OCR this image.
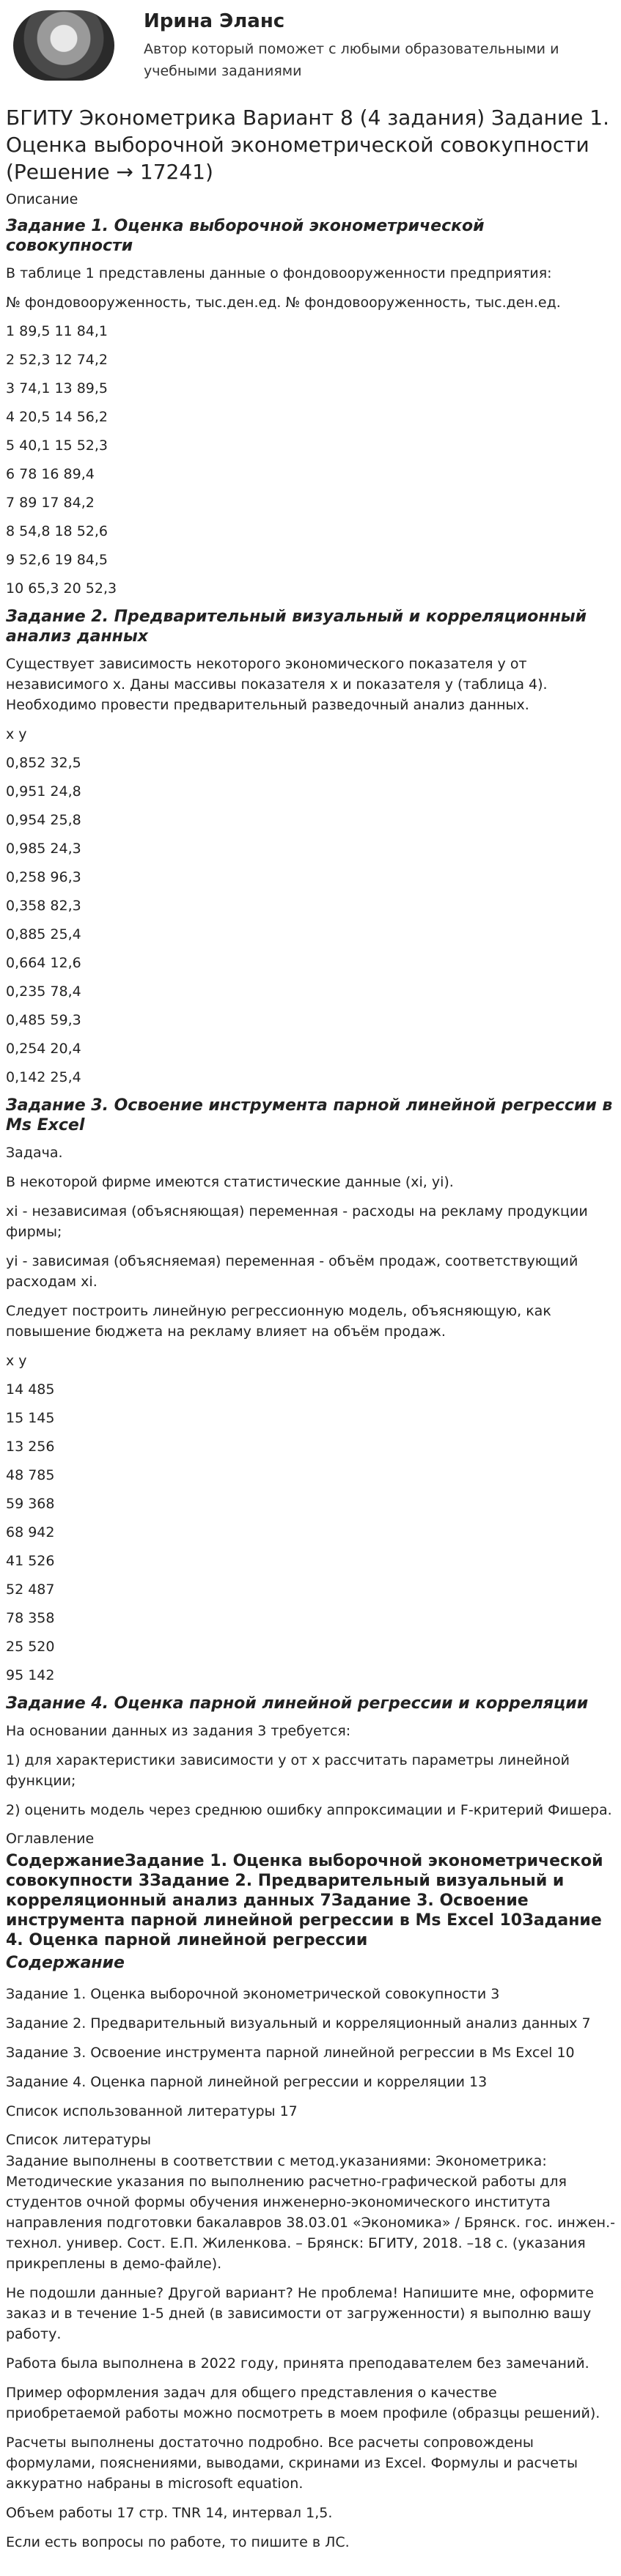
Ирина Эланс

Автор который поможет с любыми образовательными и учебными заданиями

БГИТУ Эконометрика Вариант 8 (4 задания) Задание 1. Оценка выборочной эконометрической совокупности (Решение → 17241)

Описание

Задание 1. Оценка выборочной эконометрической совокупности

В таблице 1 представлены данные о фондовооруженности предприятия:

№ фондовооруженность, тыс.ден.ед. № фондовооруженность, тыс.ден.ед.

1 89,5 11 84,1

2 52,3 12 74,2

3 74,1 13 89,5

4 20,5 14 56,2

5 40,1 15 52,3

6 78 16 89,4

7 89 17 84,2

8 54,8 18 52,6

9 52,6 19 84,5

10 65,3 20 52,3

Задание 2. Предварительный визуальный и корреляционный анализ данных

Существует зависимость некоторого экономического показателя y от независимого x. Даны массивы показателя x и показателя y (таблица 4). Необходимо провести предварительный разведочный анализ данных.

x y

0,852 32,5

0,951 24,8

0,954 25,8

0,985 24,3

0,258 96,3

0,358 82,3

0,885 25,4

0,664 12,6

0,235 78,4

0,485 59,3

0,254 20,4

0,142 25,4

Задание 3. Освоение инструмента парной линейной регрессии в Ms Excel

Задача.

В некоторой фирме имеются статистические данные (xi, yi).

xi - независимая (объясняющая) переменная - расходы на рекламу продукции фирмы;

yi - зависимая (объясняемая) переменная - объём продаж, соответствующий расходам xi.

Следует построить линейную регрессионную модель, объясняющую, как повышение бюджета на рекламу влияет на объём продаж.

x y

14 485

15 145

13 256

48 785

59 368

68 942

41 526

52 487

78 358

25 520

95 142

Задание 4. Оценка парной линейной регрессии и корреляции

На основании данных из задания 3 требуется:

1) для характеристики зависимости y от x рассчитать параметры линейной функции;

2) оценить модель через среднюю ошибку аппроксимации и F-критерий Фишера.

Оглавление

СодержаниеЗадание 1. Оценка выборочной эконометрической совокупности 3Задание 2. Предварительный визуальный и корреляционный анализ данных 7Задание 3. Освоение инструмента парной линейной регрессии в Ms Excel 10Задание 4. Оценка парной линейной регрессии

Содержание

Задание 1. Оценка выборочной эконометрической совокупности 3

Задание 2. Предварительный визуальный и корреляционный анализ данных 7

Задание 3. Освоение инструмента парной линейной регрессии в Ms Excel 10

Задание 4. Оценка парной линейной регрессии и корреляции 13

Список использованной литературы 17

Список литературы

Задание выполнены в соответствии с метод.указаниями: Эконометрика: Методические указания по выполнению расчетно-графической работы для студентов очной формы обучения инженерно-экономического института направления подготовки бакалавров 38.03.01 «Экономика» / Брянск. гос. инжен.-технол. универ. Сост. Е.П. Жиленкова. – Брянск: БГИТУ, 2018. –18 с. (указания прикреплены в демо-файле).

Не подошли данные? Другой вариант? Не проблема! Напишите мне, оформите заказ и в течение 1-5 дней (в зависимости от загруженности) я выполню вашу работу.

Работа была выполнена в 2022 году, принята преподавателем без замечаний.

Пример оформления задач для общего представления о качестве приобретаемой работы можно посмотреть в моем профиле (образцы решений).

Расчеты выполнены достаточно подробно. Все расчеты сопровождены формулами, пояснениями, выводами, скринами из Excel. Формулы и расчеты аккуратно набраны в microsoft equation.

Объем работы 17 стр. TNR 14, интервал 1,5.

Если есть вопросы по работе, то пишите в ЛС.
